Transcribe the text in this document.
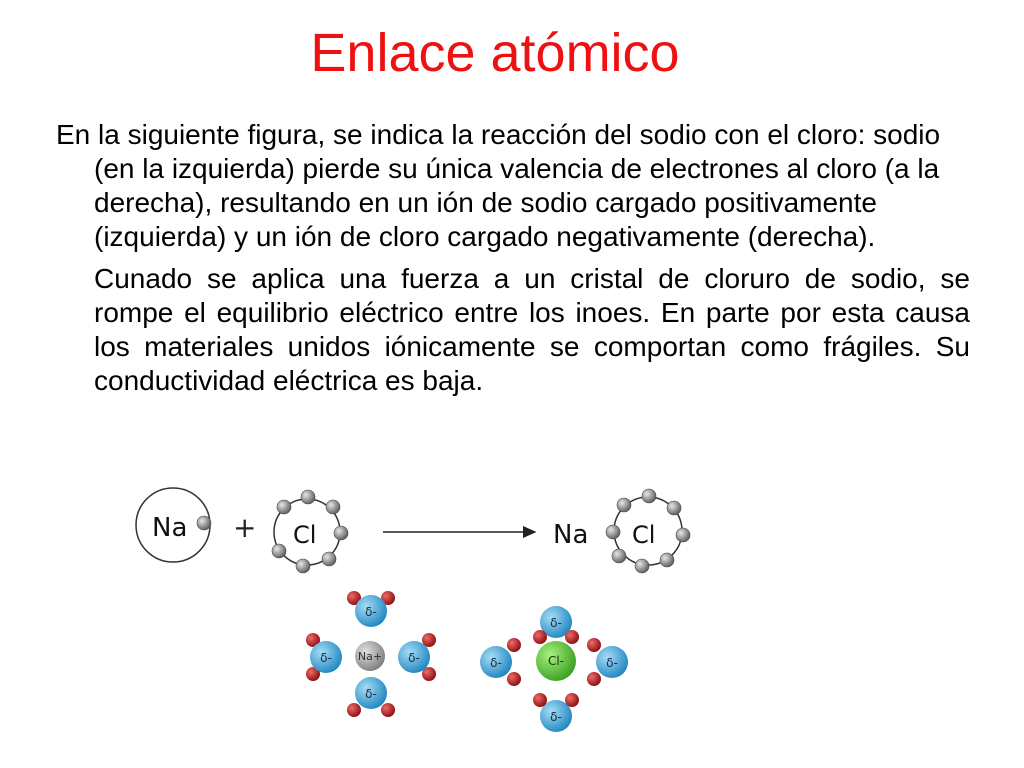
Enlace atómico

En la siguiente figura, se indica la reacción del sodio con el cloro: sodio (en la izquierda) pierde su única valencia de electrones al cloro (a la derecha), resultando en un ión de sodio cargado positivamente (izquierda) y un ión de cloro cargado negativamente (derecha).

Cunado se aplica una fuerza a un cristal de cloruro de sodio, se rompe el equilibrio eléctrico entre los inoes. En parte por esta causa los materiales unidos iónicamente se comportan como frágiles. Su conductividad eléctrica es baja.

Na + Cl	Na Cl
δ-
δ-	δ-
δ-
Na+
δ-
δ-	δ-
δ-
Cl-
